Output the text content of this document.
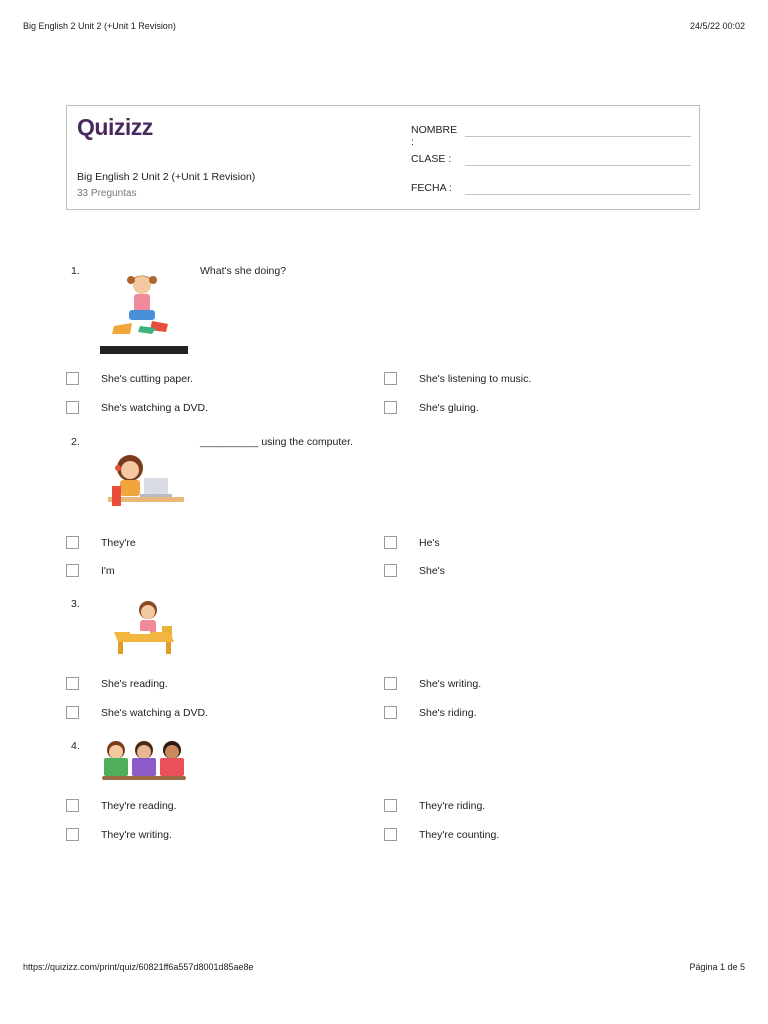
Big English 2 Unit 2 (+Unit 1 Revision)	24/5/22 00:02
Quizizz
Big English 2 Unit 2 (+Unit 1 Revision)
33 Preguntas
NOMBRE :
CLASE :
FECHA :
1.	What's she doing?
She's cutting paper.	She's listening to music.
She's watching a DVD.	She's gluing.
2.	__________ using the computer.
They're	He's
I'm	She's
3.
She's reading.	She's writing.
She's watching a DVD.	She's riding.
4.
They're reading.	They're riding.
They're writing.	They're counting.
https://quizizz.com/print/quiz/60821ff6a557d8001d85ae8e	Página 1 de 5
